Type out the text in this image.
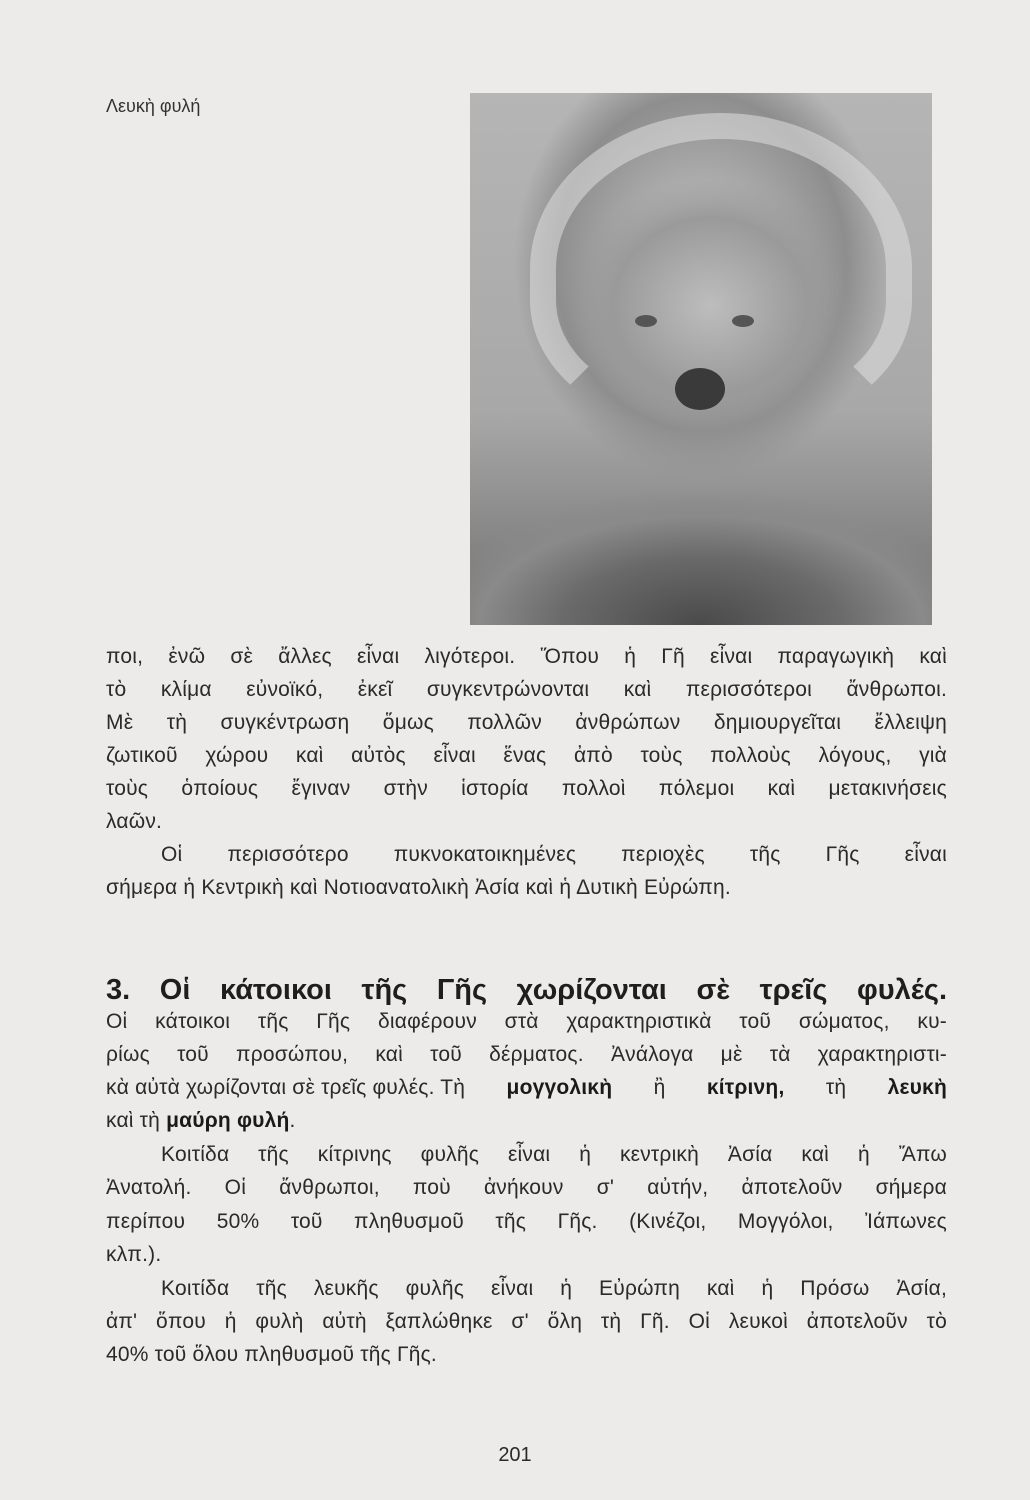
Λευκὴ φυλή
ποι, ἐνῶ σὲ ἄλλες εἶναι λιγότεροι. Ὅπου ἡ Γῆ εἶναι παραγωγικὴ καὶ
τὸ κλίμα εὐνοϊκό, ἐκεῖ συγκεντρώνονται καὶ περισσότεροι ἄνθρωποι.
Μὲ τὴ συγκέντρωση ὅμως πολλῶν ἀνθρώπων δημιουργεῖται ἔλλειψη
ζωτικοῦ χώρου καὶ αὐτὸς εἶναι ἕνας ἀπὸ τοὺς πολλοὺς λόγους, γιὰ
τοὺς ὁποίους ἔγιναν στὴν ἱστορία πολλοὶ πόλεμοι καὶ μετακινήσεις
λαῶν.
Οἱ περισσότερο πυκνοκατοικημένες περιοχὲς τῆς Γῆς εἶναι
σήμερα ἡ Κεντρικὴ καὶ Νοτιοανατολικὴ Ἀσία καὶ ἡ Δυτικὴ Εὐρώπη.
3. Οἱ κάτοικοι τῆς Γῆς χωρίζονται σὲ τρεῖς φυλές.
Οἱ κάτοικοι τῆς Γῆς διαφέρουν στὰ χαρακτηριστικὰ τοῦ σώματος, κυ-
ρίως τοῦ προσώπου, καὶ τοῦ δέρματος. Ἀνάλογα μὲ τὰ χαρακτηριστι-
κὰ αὐτὰ χωρίζονται σὲ τρεῖς φυλές. Τὴ μογγολικὴ ἢ κίτρινη, τὴ λευκὴ
καὶ τὴ μαύρη φυλή.
Κοιτίδα τῆς κίτρινης φυλῆς εἶναι ἡ κεντρικὴ Ἀσία καὶ ἡ Ἄπω
Ἀνατολή. Οἱ ἄνθρωποι, ποὺ ἀνήκουν σ' αὐτήν, ἀποτελοῦν σήμερα
περίπου 50% τοῦ πληθυσμοῦ τῆς Γῆς. (Κινέζοι, Μογγόλοι, Ἰάπωνες
κλπ.).
Κοιτίδα τῆς λευκῆς φυλῆς εἶναι ἡ Εὐρώπη καὶ ἡ Πρόσω Ἀσία,
ἀπ' ὅπου ἡ φυλὴ αὐτὴ ξαπλώθηκε σ' ὅλη τὴ Γῆ. Οἱ λευκοὶ ἀποτελοῦν τὸ
40% τοῦ ὅλου πληθυσμοῦ τῆς Γῆς.
201
